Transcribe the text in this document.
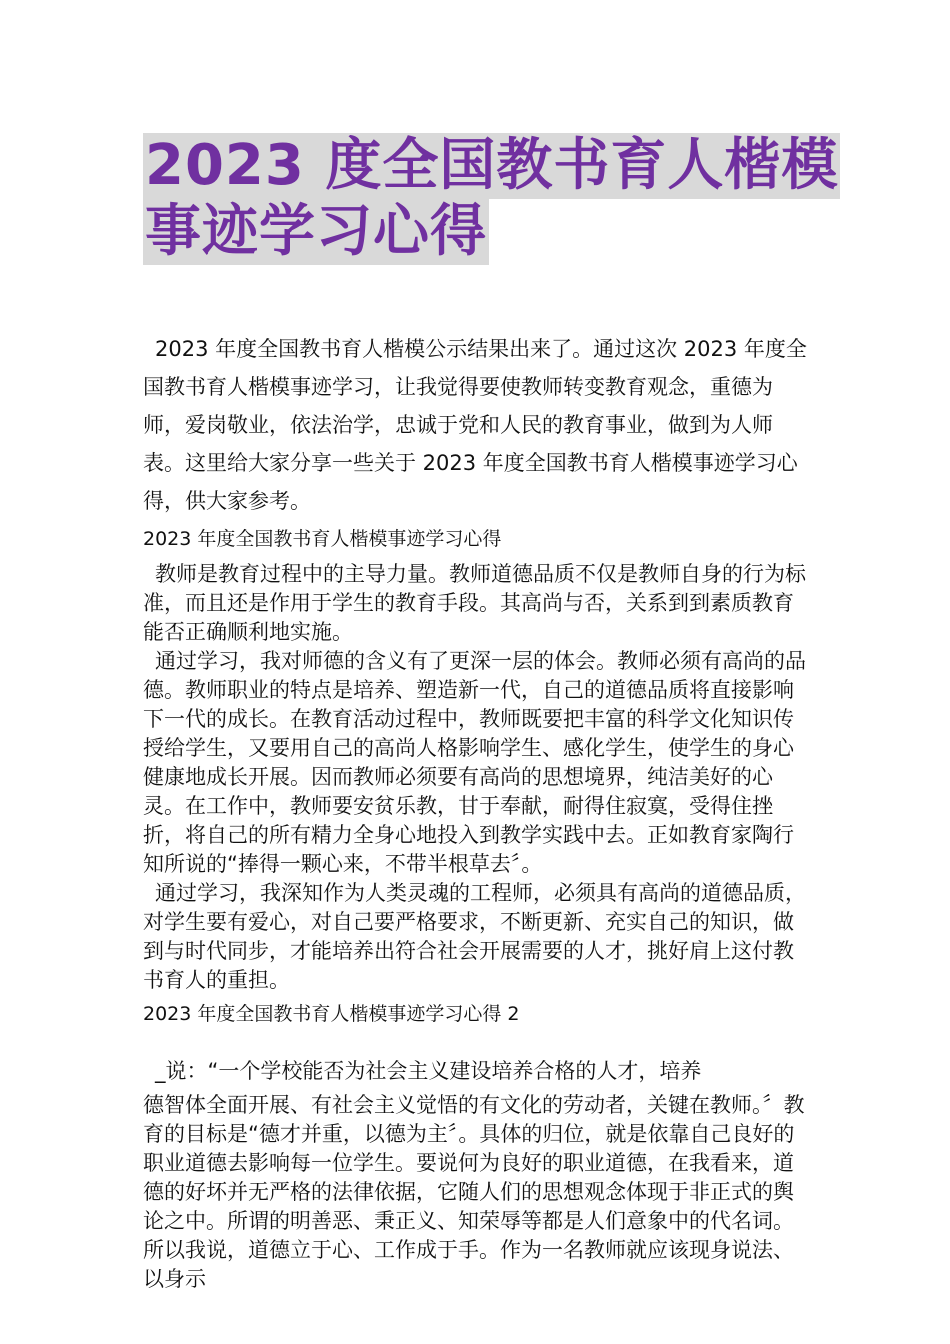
2023 度全国教书育人楷模
事迹学习心得

2023 年度全国教书育人楷模公示结果出来了。通过这次 2023 年度全国教书育人楷模事迹学习，让我觉得要使教师转变教育观念，重德为师，爱岗敬业，依法治学，忠诚于党和人民的教育事业，做到为人师表。这里给大家分享一些关于 2023 年度全国教书育人楷模事迹学习心得，供大家参考。

2023 年度全国教书育人楷模事迹学习心得

教师是教育过程中的主导力量。教师道德品质不仅是教师自身的行为标准，而且还是作用于学生的教育手段。其高尚与否，关系到到素质教育能否正确顺利地实施。

通过学习，我对师德的含义有了更深一层的体会。教师必须有高尚的品德。教师职业的特点是培养、塑造新一代，自己的道德品质将直接影响下一代的成长。在教育活动过程中，教师既要把丰富的科学文化知识传授给学生，又要用自己的高尚人格影响学生、感化学生，使学生的身心健康地成长开展。因而教师必须要有高尚的思想境界，纯洁美好的心灵。在工作中，教师要安贫乐教，甘于奉献，耐得住寂寞，受得住挫折，将自己的所有精力全身心地投入到教学实践中去。正如教育家陶行知所说的“捧得一颗心来，不带半根草去〞。

通过学习，我深知作为人类灵魂的工程师，必须具有高尚的道德品质，对学生要有爱心，对自己要严格要求，不断更新、充实自己的知识，做到与时代同步，才能培养出符合社会开展需要的人才，挑好肩上这付教书育人的重担。

2023 年度全国教书育人楷模事迹学习心得 2

_说：“一个学校能否为社会主义建设培养合格的人才，培养

德智体全面开展、有社会主义觉悟的有文化的劳动者，关键在教师。〞教育的目标是“德才并重，以德为主〞。具体的归位，就是依靠自己良好的职业道德去影响每一位学生。要说何为良好的职业道德，在我看来，道德的好坏并无严格的法律依据，它随人们的思想观念体现于非正式的舆论之中。所谓的明善恶、秉正义、知荣辱等都是人们意象中的代名词。所以我说，道德立于心、工作成于手。作为一名教师就应该现身说法、以身示
